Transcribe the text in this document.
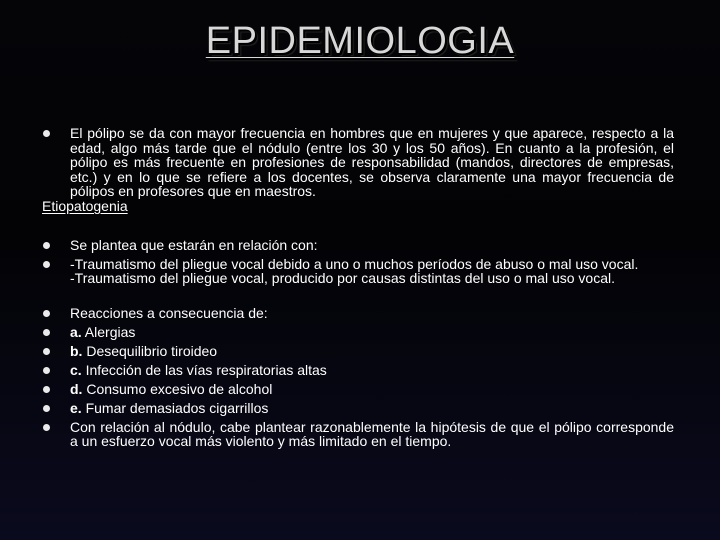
EPIDEMIOLOGIA
El pólipo se da con mayor frecuencia en hombres que en mujeres y que aparece, respecto a la edad, algo más tarde que el nódulo (entre los 30 y los 50 años). En cuanto a la profesión, el pólipo es más frecuente en profesiones de responsabilidad (mandos, directores de empresas, etc.) y en lo que se refiere a los docentes, se observa claramente una mayor frecuencia de pólipos en profesores que en maestros.
Etiopatogenia
Se plantea que estarán en relación con:
-Traumatismo del pliegue vocal debido a uno o muchos períodos de abuso o mal uso vocal.
-Traumatismo del pliegue vocal, producido por causas distintas del uso o mal uso vocal.
Reacciones a consecuencia de:
a. Alergias
b. Desequilibrio tiroideo
c. Infección de las vías respiratorias altas
d. Consumo excesivo de alcohol
e. Fumar demasiados cigarrillos
Con relación al nódulo, cabe plantear razonablemente la hipótesis de que el pólipo corresponde a un esfuerzo vocal más violento y más limitado en el tiempo.
